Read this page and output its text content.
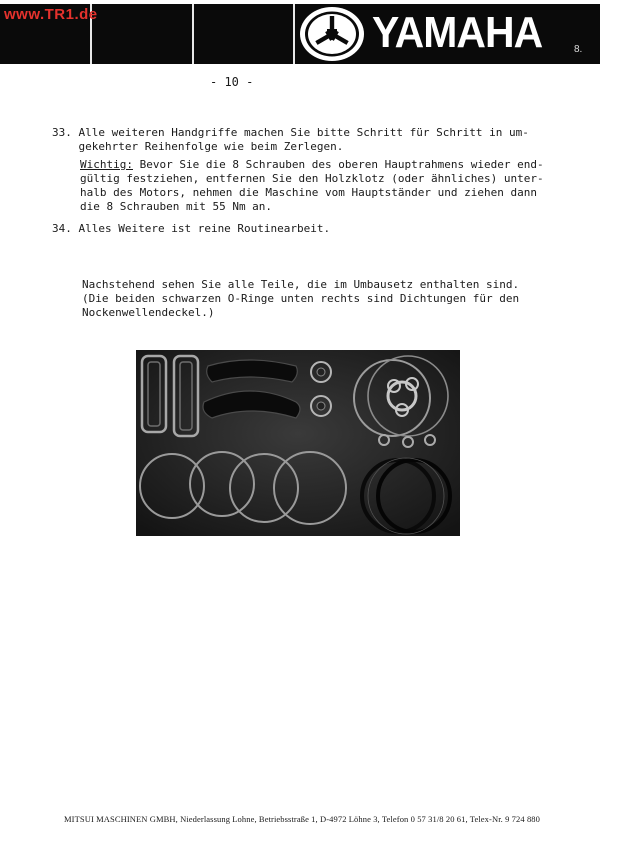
www.TR1.de	YAMAHA	8.
- 10 -

33. Alle weiteren Handgriffe machen Sie bitte Schritt für Schritt in um-

gekehrter Reihenfolge wie beim Zerlegen.

Wichtig: Bevor Sie die 8 Schrauben des oberen Hauptrahmens wieder end-

gültig festziehen, entfernen Sie den Holzklotz (oder ähnliches) unter-

halb des Motors, nehmen die Maschine vom Hauptständer und ziehen dann

die 8 Schrauben mit 55 Nm an.

34. Alles Weitere ist reine Routinearbeit.

Nachstehend sehen Sie alle Teile, die im Umbausetz enthalten sind.

(Die beiden schwarzen O-Ringe unten rechts sind Dichtungen für den

Nockenwellendeckel.)

MITSUI MASCHINEN GMBH, Niederlassung Lohne, Betriebsstraße 1, D-4972 Löhne 3, Telefon 0 57 31/8 20 61, Telex-Nr. 9 724 880
